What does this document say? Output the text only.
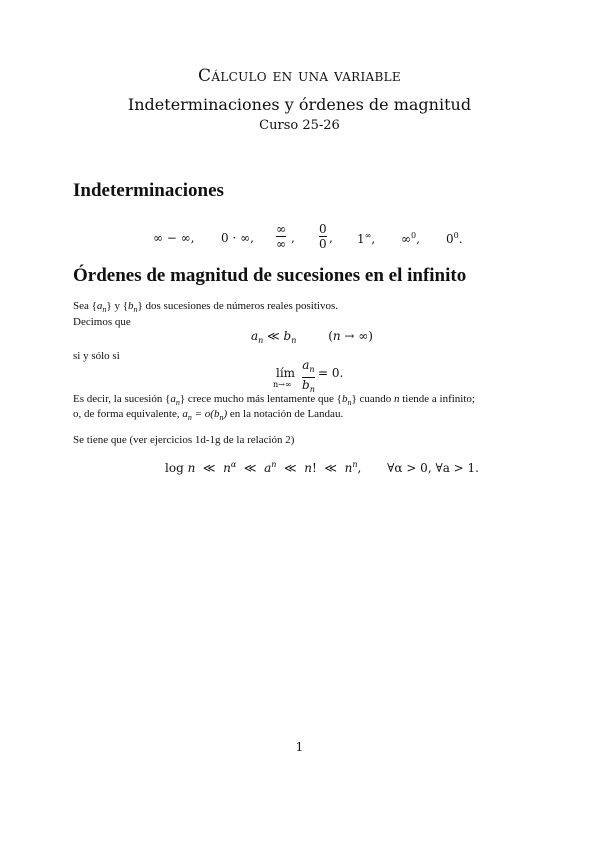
Cálculo en una variable
Indeterminaciones y órdenes de magnitud
Curso 25-26
Indeterminaciones
∞ − ∞, 0 · ∞,
∞
∞ ,
0
0 , 1∞, ∞$^0$, $0^0$.
Órdenes de magnitud de sucesiones en el infinito
Sea $\{a_n\}$ y $\{b_n\}$ dos sucesiones de números reales positivos.
Decimos que
$a_n$ ≪ $b_n$	(n → ∞)
si y sólo si
lím
n→∞
$a_n$
$b_n$
= 0.
Es decir, la sucesión $\{a_n\}$ crece mucho más lentamente que $\{b_n\}$ cuando n tiende a infinito;
o, de forma equivalente, $a_n = o(b_n)$ en la notación de Landau.
Se tiene que (ver ejercicios 1d-1g de la relación 2)
log n  ≪  $n^\alpha$  ≪  $a^n$  ≪  n!  ≪  $n^n$, ∀α > 0, ∀a > 1.
1
